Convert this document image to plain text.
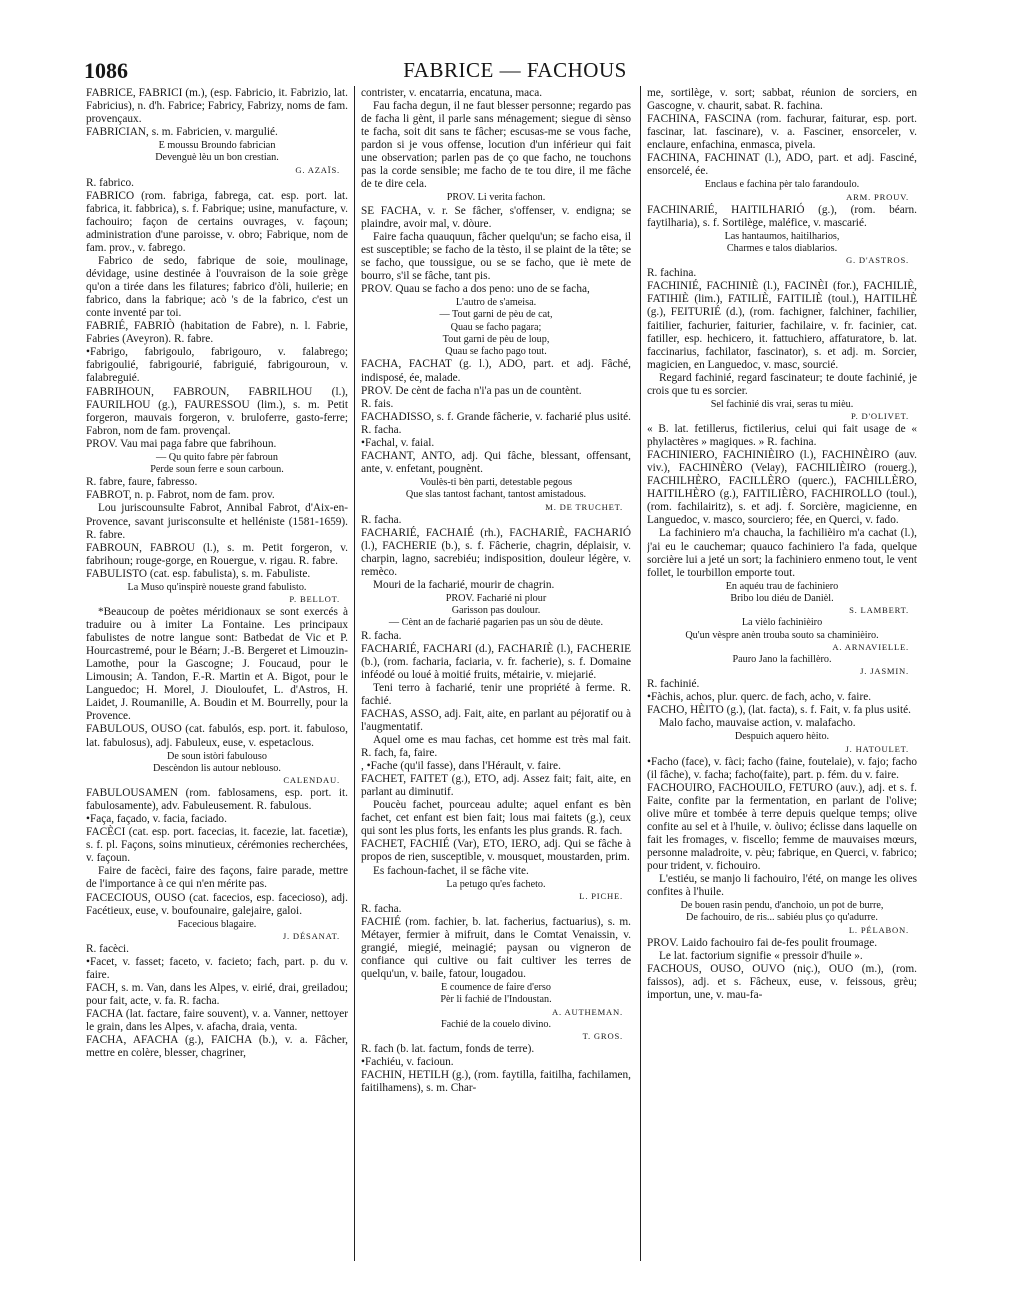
1086	FABRICE — FACHOUS
FABRICE, FABRICI (m.), (esp. Fabricio, it. Fabrizio, lat. Fabricius), n. d'h. Fabrice; Fabricy, Fabrizy, noms de fam. provençaux.
FABRICIAN, s. m. Fabricien, v. margulié.
E moussu Broundo fabrician
Devenguè lèu un bon crestian.
G. AZAÏS.
R. fabrico.
FABRICO (rom. fabriga, fabrega, cat. esp. port. lat. fabrica, it. fabbrica), s. f. Fabrique; usine, manufacture, v. fachouiro; façon de certains ouvrages, v. façoun; administration d'une paroisse, v. obro; Fabrique, nom de fam. prov., v. fabrego.
Fabrico de sedo, fabrique de soie, moulinage, dévidage, usine destinée à l'ouvraison de la soie grège qu'on a tirée dans les filatures; fabrico d'òli, huilerie; en fabrico, dans la fabrique; acò 's de la fabrico, c'est un conte inventé par toi.
FABRIÉ, FABRIÒ (habitation de Fabre), n. l. Fabrie, Fabries (Aveyron). R. fabre.
•Fabrigo, fabrigoulo, fabrigouro, v. falabrego; fabrigoulié, fabrigourié, fabriguié, fabrigouroun, v. falabreguié.
FABRIHOUN, FABROUN, FABRILHOU (l.), FAURILHOU (g.), FAURESSOU (lim.), s. m. Petit forgeron, mauvais forgeron, v. bruloferre, gasto-ferre; Fabron, nom de fam. provençal.
PROV. Vau mai paga fabre que fabrihoun.
— Qu quito fabre pèr fabroun
Perde soun ferre e soun carboun.
R. fabre, faure, fabresso.
FABROT, n. p. Fabrot, nom de fam. prov.
Lou juriscounsulte Fabrot, Annibal Fabrot, d'Aix-en-Provence, savant jurisconsulte et helléniste (1581-1659). R. fabre.
FABROUN, FABROU (l.), s. m. Petit forgeron, v. fabrihoun; rouge-gorge, en Rouergue, v. rigau. R. fabre.
FABULISTO (cat. esp. fabulista), s. m. Fabuliste.
La Muso qu'inspirè noueste grand fabulisto.
P. BELLOT.
*Beaucoup de poètes méridionaux se sont exercés à traduire ou à imiter La Fontaine. Les principaux fabulistes de notre langue sont: Batbedat de Vic et P. Hourcastremé, pour le Béarn; J.-B. Bergeret et Limouzin-Lamothe, pour la Gascogne; J. Foucaud, pour le Limousin; A. Tandon, F.-R. Martin et A. Bigot, pour le Languedoc; H. Morel, J. Diouloufet, L. d'Astros, H. Laidet, J. Roumanille, A. Boudin et M. Bourrelly, pour la Provence.
FABULOUS, OUSO (cat. fabulós, esp. port. it. fabuloso, lat. fabulosus), adj. Fabuleux, euse, v. espetaclous.
De soun istòri fabulouso
Descèndon lis autour neblouso.
CALENDAU.
FABULOUSAMEN (rom. fablosamens, esp. port. it. fabulosamente), adv. Fabuleusement. R. fabulous.
•Faça, façado, v. facia, faciado.
FACÈCI (cat. esp. port. facecias, it. facezie, lat. facetiæ), s. f. pl. Façons, soins minutieux, cérémonies recherchées, v. façoun.
Faire de facèci, faire des façons, faire parade, mettre de l'importance à ce qui n'en mérite pas.
FACECIOUS, OUSO (cat. facecios, esp. facecioso), adj. Facétieux, euse, v. boufounaire, galejaire, galoi.
Facecious blagaire.
J. DÉSANAT.
R. facèci.
•Facet, v. fasset; faceto, v. facieto; fach, part. p. du v. faire.
FACH, s. m. Van, dans les Alpes, v. eirié, drai, greiladou; pour fait, acte, v. fa. R. facha.
FACHA (lat. factare, faire souvent), v. a. Vanner, nettoyer le grain, dans les Alpes, v. afacha, draia, venta.
FACHA, AFACHA (g.), FAICHA (b.), v. a. Fâcher, mettre en colère, blesser, chagriner,
contrister, v. encatarria, encatuna, maca.
Fau facha degun, il ne faut blesser personne; regardo pas de facha li gènt, il parle sans ménagement; siegue di sènso te facha, soit dit sans te fâcher; escusas-me se vous fache, pardon si je vous offense, locution d'un inférieur qui fait une observation; parlen pas de ço que facho, ne touchons pas la corde sensible; me facho de te tou dire, il me fâche de te dire cela.
PROV. Li verita fachon.
SE FACHA, v. r. Se fâcher, s'offenser, v. endigna; se plaindre, avoir mal, v. dòure.
Faire facha quauquun, fâcher quelqu'un; se facho eisa, il est susceptible; se facho de la tèsto, il se plaint de la tête; se se facho, que toussigue, ou se se facho, que iè mete de bourro, s'il se fâche, tant pis.
PROV. Quau se facho a dos peno: uno de se facha,
L'autro de s'ameisa.
— Tout garni de pèu de cat,
Quau se facho pagara;
Tout garni de pèu de loup,
Quau se facho pago tout.
FACHA, FACHAT (g. l.), ADO, part. et adj. Fâché, indisposé, ée, malade.
PROV. De cènt de facha n'i'a pas un de countènt.
R. fais.
FACHADISSO, s. f. Grande fâcherie, v. facharié plus usité. R. facha.
•Fachal, v. faial.
FACHANT, ANTO, adj. Qui fâche, blessant, offensant, ante, v. enfetant, pougnènt.
Voulès-ti bèn parti, detestable pegous
Que slas tantost fachant, tantost amistadous.
M. DE TRUCHET.
R. facha.
FACHARIÉ, FACHAIÉ (rh.), FACHARIÈ, FACHARIÓ (l.), FACHERIE (b.), s. f. Fâcherie, chagrin, déplaisir, v. charpin, lagno, sacrebiéu; indisposition, douleur légère, v. remèco.
Mouri de la facharié, mourir de chagrin.
PROV. Facharié ni plour
Garisson pas doulour.
— Cènt an de facharié pagarien pas un sòu de dèute.
R. facha.
FACHARIÉ, FACHARI (d.), FACHARIÈ (l.), FACHERIE (b.), (rom. facharia, faciaria, v. fr. facherie), s. f. Domaine inféodé ou loué à moitié fruits, métairie, v. miejarié.
Teni terro à facharié, tenir une propriété à ferme. R. fachié.
FACHAS, ASSO, adj. Fait, aite, en parlant au péjoratif ou à l'augmentatif.
Aquel ome es mau fachas, cet homme est très mal fait. R. fach, fa, faire.
, •Fache (qu'il fasse), dans l'Hérault, v. faire.
FACHET, FAITET (g.), ETO, adj. Assez fait; fait, aite, en parlant au diminutif.
Poucèu fachet, pourceau adulte; aquel enfant es bèn fachet, cet enfant est bien fait; lous mai faitets (g.), ceux qui sont les plus forts, les enfants les plus grands. R. fach.
FACHET, FACHIÉ (Var), ETO, IERO, adj. Qui se fâche à propos de rien, susceptible, v. mousquet, moustarden, prim.
Es fachoun-fachet, il se fâche vite.
La petugo qu'es facheto.
L. PICHE.
R. facha.
FACHIÉ (rom. fachier, b. lat. facherius, factuarius), s. m. Métayer, fermier à mifruit, dans le Comtat Venaissin, v. grangié, miegié, meinagié; paysan ou vigneron de confiance qui cultive ou fait cultiver les terres de quelqu'un, v. baile, fatour, lougadou.
E coumence de faire d'erso
Pèr li fachié de l'Indoustan.
A. AUTHEMAN.
Fachié de la couelo divino.
T. GROS.
R. fach (b. lat. factum, fonds de terre).
•Fachiéu, v. facioun.
FACHIN, HETILH (g.), (rom. faytilla, faitilha, fachilamen, faitilhamens), s. m. Char-
me, sortilège, v. sort; sabbat, réunion de sorciers, en Gascogne, v. chaurit, sabat. R. fachina.
FACHINA, FASCINA (rom. fachurar, faiturar, esp. port. fascinar, lat. fascinare), v. a. Fasciner, ensorceler, v. enclaure, enfachina, enmasca, pivela.
FACHINA, FACHINAT (l.), ADO, part. et adj. Fasciné, ensorcelé, ée.
Enclaus e fachina pèr talo farandoulo.
ARM. PROUV.
FACHINARIÉ, HAITILHARIÓ (g.), (rom. béarn. faytilharia), s. f. Sortilège, maléfice, v. mascarié.
Las hantaumos, haitilharios,
Charmes e talos diablarios.
G. D'ASTROS.
R. fachina.
FACHINIÉ, FACHINIÈ (l.), FACINÈI (for.), FACHILIÈ, FATIHIÈ (lim.), FATILIÈ, FAITILIÈ (toul.), HAITILHÈ (g.), FEITURIÉ (d.), (rom. fachigner, falchiner, fachilier, faitilier, fachurier, faiturier, fachilaire, v. fr. facinier, cat. fatiller, esp. hechicero, it. fattuchiero, affaturatore, b. lat. faccinarius, fachilator, fascinator), s. et adj. m. Sorcier, magicien, en Languedoc, v. masc, sourcié.
Regard fachinié, regard fascinateur; te doute fachinié, je crois que tu es sorcier.
Sel fachinié dis vrai, seras tu mièu.
P. D'OLIVET.
« B. lat. fetillerus, fictilerius, celui qui fait usage de « phylactères » magiques. » R. fachina.
FACHINIERO, FACHINIÈIRO (l.), FACHINÈIRO (auv. viv.), FACHINÈRO (Velay), FACHILIÈIRO (rouerg.), FACHILHÈRO, FACILLÈRO (querc.), FACHILLÈRO, HAITILHÈRO (g.), FAITILIÈRO, FACHIROLLO (toul.), (rom. fachilairitz), s. et adj. f. Sorcière, magicienne, en Languedoc, v. masco, sourciero; fée, en Querci, v. fado.
La fachiniero m'a chaucha, la fachilièiro m'a cachat (l.), j'ai eu le cauchemar; quauco fachiniero l'a fada, quelque sorcière lui a jeté un sort; la fachiniero enmeno tout, le vent follet, le tourbillon emporte tout.
En aquéu trau de fachiniero
Bribo lou diéu de Danièl.
S. LAMBERT.
La vièlo fachinièiro
Qu'un vèspre anèn trouba souto sa chaminièiro.
A. ARNAVIELLE.
Pauro Jano la fachillèro.
J. JASMIN.
R. fachinié.
•Fàchis, achos, plur. querc. de fach, acho, v. faire.
FACHO, HÈITO (g.), (lat. facta), s. f. Fait, v. fa plus usité.
Malo facho, mauvaise action, v. malafacho.
Despuich aquero hèito.
J. HATOULET.
•Facho (face), v. fàci; facho (faine, foutelaie), v. fajo; facho (il fâche), v. facha; facho(faite), part. p. fém. du v. faire.
FACHOUIRO, FACHOUILO, FETURO (auv.), adj. et s. f. Faite, confite par la fermentation, en parlant de l'olive; olive mûre et tombée à terre depuis quelque temps; olive confite au sel et à l'huile, v. òulivo; éclisse dans laquelle on fait les fromages, v. fiscello; femme de mauvaises mœurs, personne maladroite, v. pèu; fabrique, en Querci, v. fabrico; pour trident, v. fichouiro.
L'estiéu, se manjo li fachouiro, l'été, on mange les olives confites à l'huile.
De bouen rasin pendu, d'anchoio, un pot de burre,
De fachouiro, de ris... sabiéu plus ço qu'adurre.
L. PÉLABON.
PROV. Laido fachouiro fai de-fes poulit froumage.
Le lat. factorium signifie « pressoir d'huile ».
FACHOUS, OUSO, OUVO (niç.), OUO (m.), (rom. faissos), adj. et s. Fâcheux, euse, v. feissous, grèu; importun, une, v. mau-fa-
